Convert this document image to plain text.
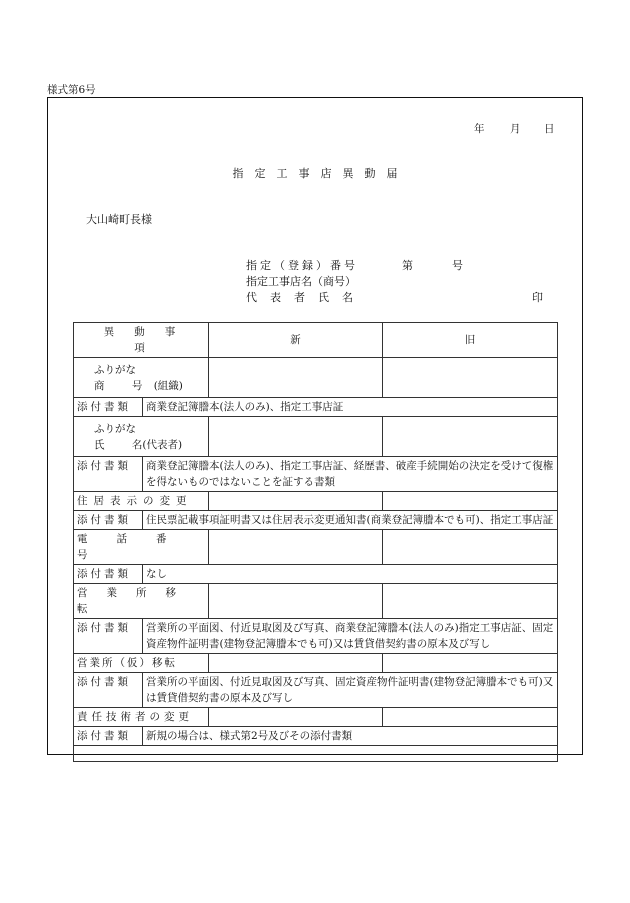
様式第6号
年 月 日
指定工事店異動届
大山崎町長様
指定（登録）番号	第	号
指定工事店名（商号）
代表者氏名	印
異動事項		新	旧

ふりがな
商 号 (組織)			

添付書類	商業登記簿謄本(法人のみ)、指定工事店証		

ふりがな
氏 名(代表者)			

添付書類	商業登記簿謄本(法人のみ)、指定工事店証、経歴書、破産手続開始の決定を受けて復権を得ないものではないことを証する書類		
住居表示の変更			
添付書類	住民票記載事項証明書又は住居表示変更通知書(商業登記簿謄本でも可)、指定工事店証		
電話番号			
添付書類	なし		
営業所移転			
添付書類	営業所の平面図、付近見取図及び写真、商業登記簿謄本(法人のみ)指定工事店証、固定資産物件証明書(建物登記簿謄本でも可)又は賃貸借契約書の原本及び写し		
営業所（仮）移転			
添付書類	営業所の平面図、付近見取図及び写真、固定資産物件証明書(建物登記簿謄本でも可)又は賃貸借契約書の原本及び写し		
責任技術者の変更			
添付書類	新規の場合は、様式第2号及びその添付書類		
